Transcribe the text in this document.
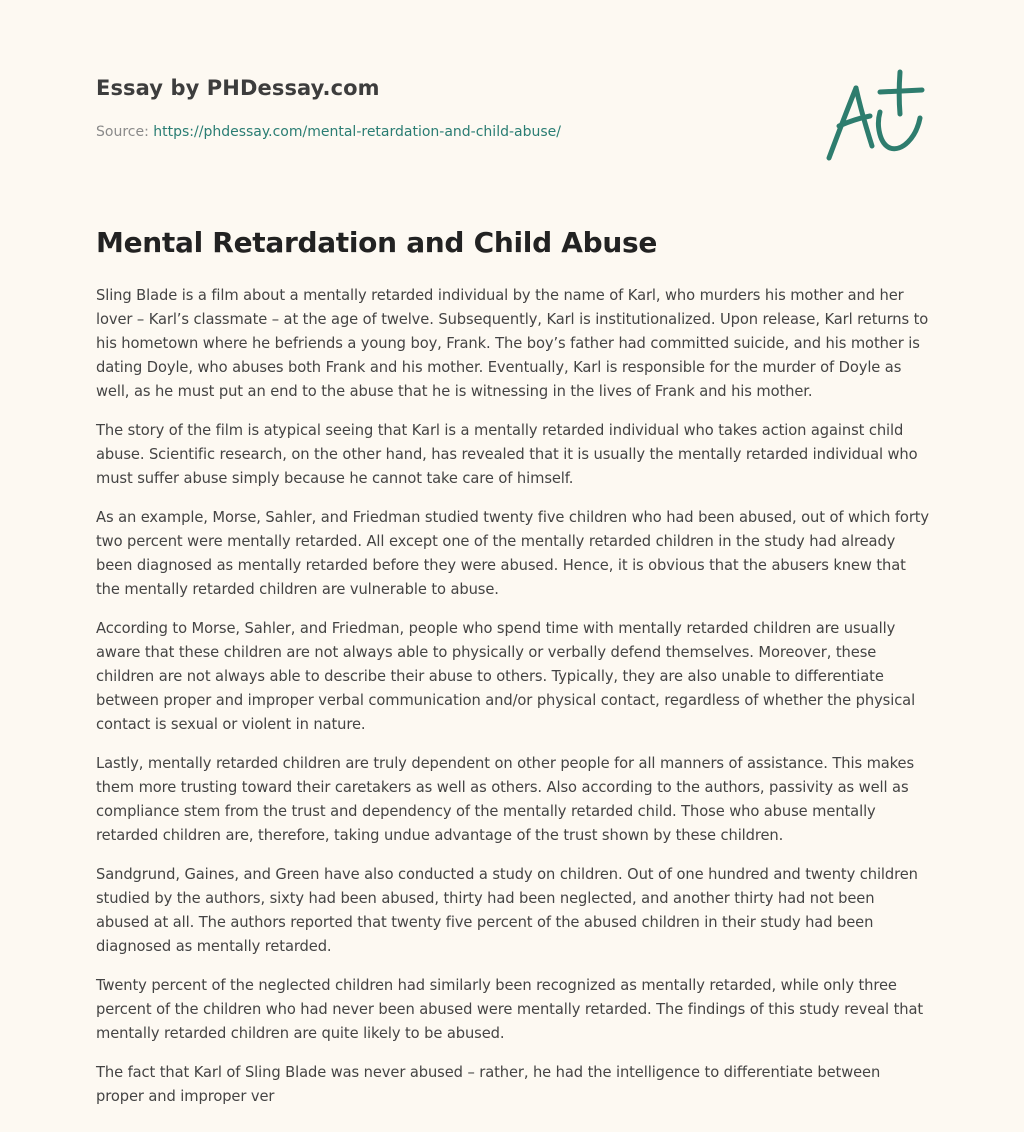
Essay by PHDessay.com

Source: https://phdessay.com/mental-retardation-and-child-abuse/

Mental Retardation and Child Abuse

Sling Blade is a film about a mentally retarded individual by the name of Karl, who murders his mother and her lover – Karl’s classmate – at the age of twelve. Subsequently, Karl is institutionalized. Upon release, Karl returns to his hometown where he befriends a young boy, Frank. The boy’s father had committed suicide, and his mother is dating Doyle, who abuses both Frank and his mother. Eventually, Karl is responsible for the murder of Doyle as well, as he must put an end to the abuse that he is witnessing in the lives of Frank and his mother.

The story of the film is atypical seeing that Karl is a mentally retarded individual who takes action against child abuse. Scientific research, on the other hand, has revealed that it is usually the mentally retarded individual who must suffer abuse simply because he cannot take care of himself.

As an example, Morse, Sahler, and Friedman studied twenty five children who had been abused, out of which forty two percent were mentally retarded. All except one of the mentally retarded children in the study had already been diagnosed as mentally retarded before they were abused. Hence, it is obvious that the abusers knew that the mentally retarded children are vulnerable to abuse.

According to Morse, Sahler, and Friedman, people who spend time with mentally retarded children are usually aware that these children are not always able to physically or verbally defend themselves. Moreover, these children are not always able to describe their abuse to others. Typically, they are also unable to differentiate between proper and improper verbal communication and/or physical contact, regardless of whether the physical contact is sexual or violent in nature.

Lastly, mentally retarded children are truly dependent on other people for all manners of assistance. This makes them more trusting toward their caretakers as well as others. Also according to the authors, passivity as well as compliance stem from the trust and dependency of the mentally retarded child. Those who abuse mentally retarded children are, therefore, taking undue advantage of the trust shown by these children.

Sandgrund, Gaines, and Green have also conducted a study on children. Out of one hundred and twenty children studied by the authors, sixty had been abused, thirty had been neglected, and another thirty had not been abused at all. The authors reported that twenty five percent of the abused children in their study had been diagnosed as mentally retarded.

Twenty percent of the neglected children had similarly been recognized as mentally retarded, while only three percent of the children who had never been abused were mentally retarded. The findings of this study reveal that mentally retarded children are quite likely to be abused.

The fact that Karl of Sling Blade was never abused – rather, he had the intelligence to differentiate between proper and improper ver
